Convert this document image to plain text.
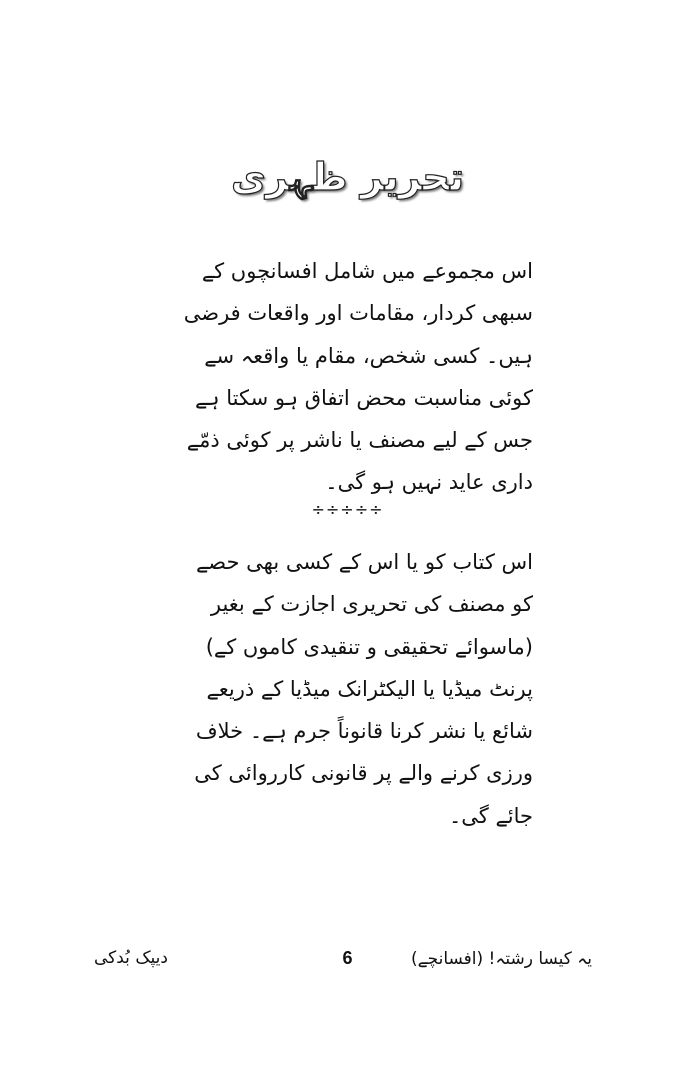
تحریر ظہری
اس مجموعے میں شامل افسانچوں کے
سبھی کردار، مقامات اور واقعات فرضی
ہیں۔ کسی شخص، مقام یا واقعہ سے
کوئی مناسبت محض اتفاق ہو سکتا ہے
جس کے لیے مصنف یا ناشر پر کوئی ذمّے
داری عاید نہیں ہو گی۔
÷÷÷÷÷
اس کتاب کو یا اس کے کسی بھی حصے
کو مصنف کی تحریری اجازت کے بغیر
(ماسوائے تحقیقی و تنقیدی کاموں کے)
پرنٹ میڈیا یا الیکٹرانک میڈیا کے ذریعے
شائع یا نشر کرنا قانوناً جرم ہے۔ خلاف
ورزی کرنے والے پر قانونی کارروائی کی
جائے گی۔
یہ کیسا رشتہ! (افسانچے)
6
دیپک بُدکی
